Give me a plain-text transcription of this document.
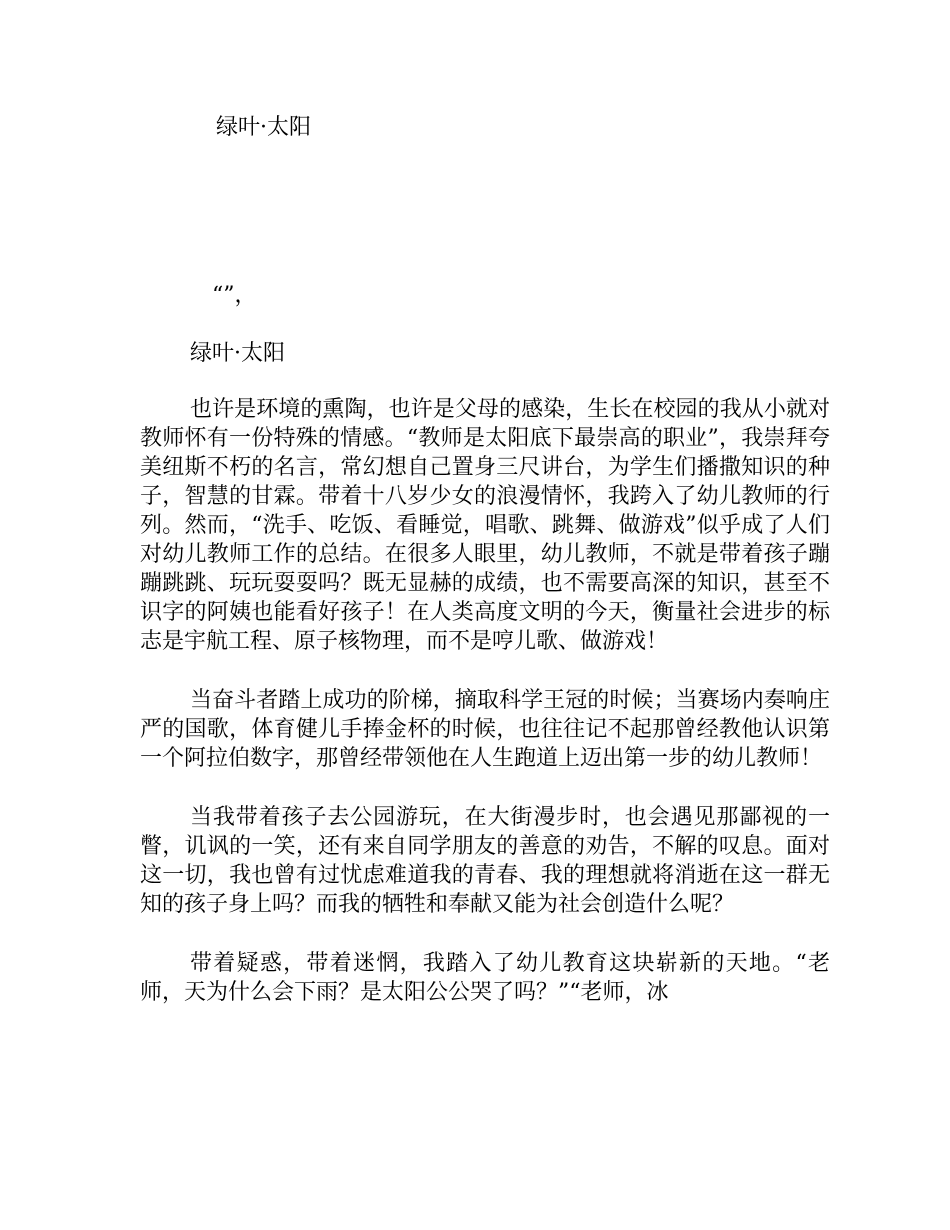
绿叶·太阳
“”，
绿叶·太阳

也许是环境的熏陶，也许是父母的感染，生长在校园的我从小就对教师怀有一份特殊的情感。“教师是太阳底下最崇高的职业”，我崇拜夸美纽斯不朽的名言，常幻想自己置身三尺讲台，为学生们播撒知识的种子，智慧的甘霖。带着十八岁少女的浪漫情怀，我跨入了幼儿教师的行列。然而，“洗手、吃饭、看睡觉，唱歌、跳舞、做游戏”似乎成了人们对幼儿教师工作的总结。在很多人眼里，幼儿教师，不就是带着孩子蹦蹦跳跳、玩玩耍耍吗？既无显赫的成绩，也不需要高深的知识，甚至不识字的阿姨也能看好孩子！在人类高度文明的今天，衡量社会进步的标志是宇航工程、原子核物理，而不是哼儿歌、做游戏！

当奋斗者踏上成功的阶梯，摘取科学王冠的时候；当赛场内奏响庄严的国歌，体育健儿手捧金杯的时候，也往往记不起那曾经教他认识第一个阿拉伯数字，那曾经带领他在人生跑道上迈出第一步的幼儿教师！

当我带着孩子去公园游玩，在大街漫步时，也会遇见那鄙视的一瞥，讥讽的一笑，还有来自同学朋友的善意的劝告，不解的叹息。面对这一切，我也曾有过忧虑难道我的青春、我的理想就将消逝在这一群无知的孩子身上吗？而我的牺牲和奉献又能为社会创造什么呢？

带着疑惑，带着迷惘，我踏入了幼儿教育这块崭新的天地。“老师，天为什么会下雨？是太阳公公哭了吗？”“老师，冰
